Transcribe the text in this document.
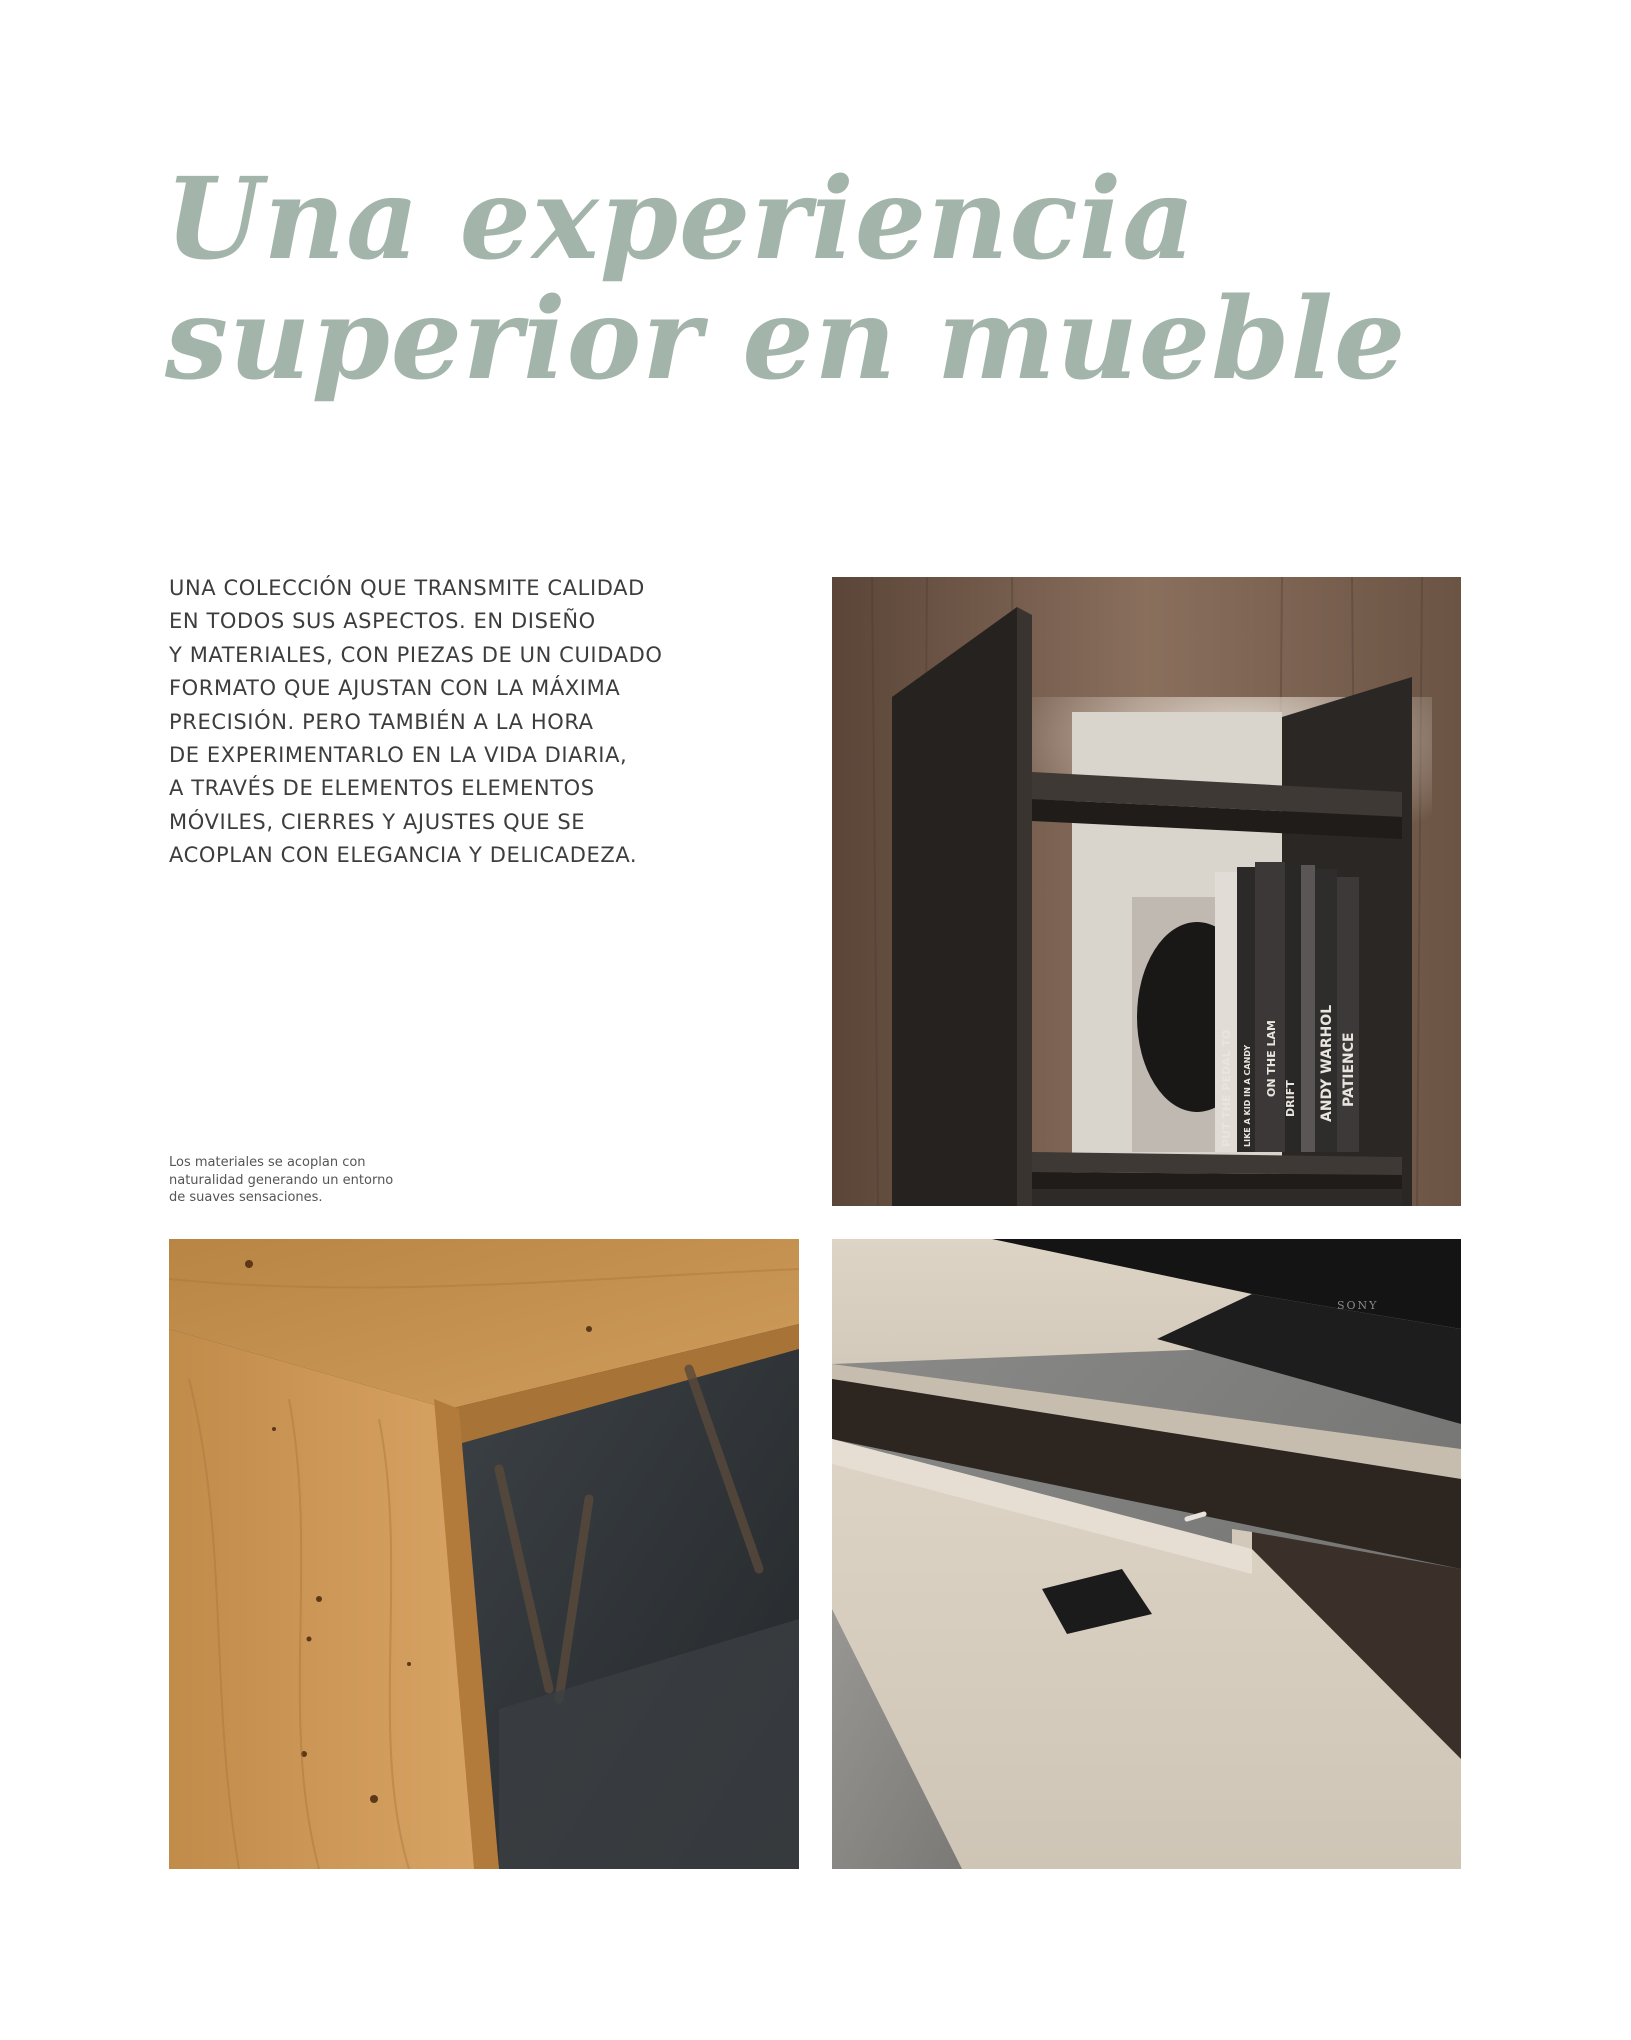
Una experiencia
superior en mueble

UNA COLECCIÓN QUE TRANSMITE CALIDAD
EN TODOS SUS ASPECTOS. EN DISEÑO
Y MATERIALES, CON PIEZAS DE UN CUIDADO
FORMATO QUE AJUSTAN CON LA MÁXIMA
PRECISIÓN. PERO TAMBIÉN A LA HORA
DE EXPERIMENTARLO EN LA VIDA DIARIA,
A TRAVÉS DE ELEMENTOS ELEMENTOS
MÓVILES, CIERRES Y AJUSTES QUE SE
ACOPLAN CON ELEGANCIA Y DELICADEZA.

Los materiales se acoplan con
naturalidad generando un entorno
de suaves sensaciones.

PUT THE PEDAL TO LIKE A KID IN A CANDY ON THE LAM
DRIFT ANDY WARHOL PATIENCE
SONY
